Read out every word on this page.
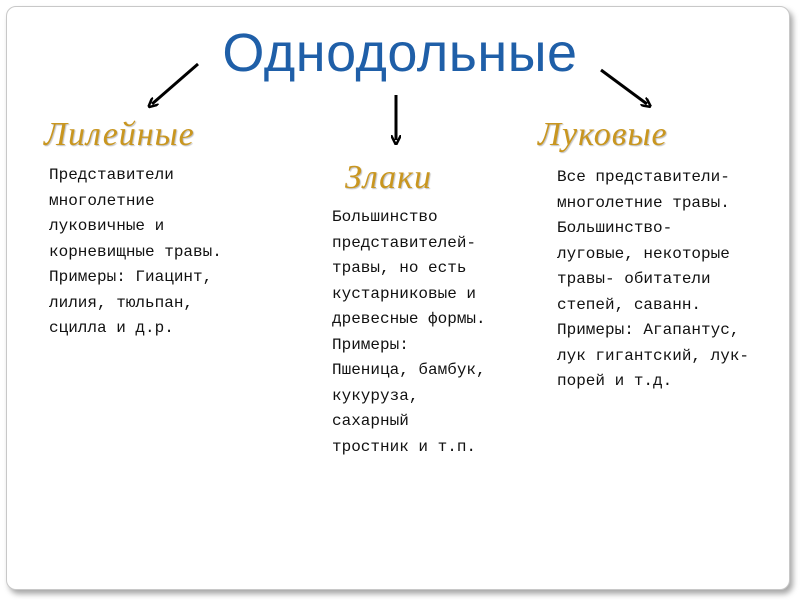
Однодольные
Лилейные
Злаки
Луковые
Представители
многолетние
луковичные и
корневищные травы.
Примеры: Гиацинт,
лилия, тюльпан,
сцилла и д.р.
Большинство
представителей-
травы, но есть
кустарниковые и
древесные формы.
Примеры:
Пшеница, бамбук,
кукуруза,
сахарный
тростник и т.п.
Все представители-
многолетние травы.
Большинство-
луговые, некоторые
травы- обитатели
степей, саванн.
Примеры: Агапантус,
лук гигантский, лук-
порей и т.д.
